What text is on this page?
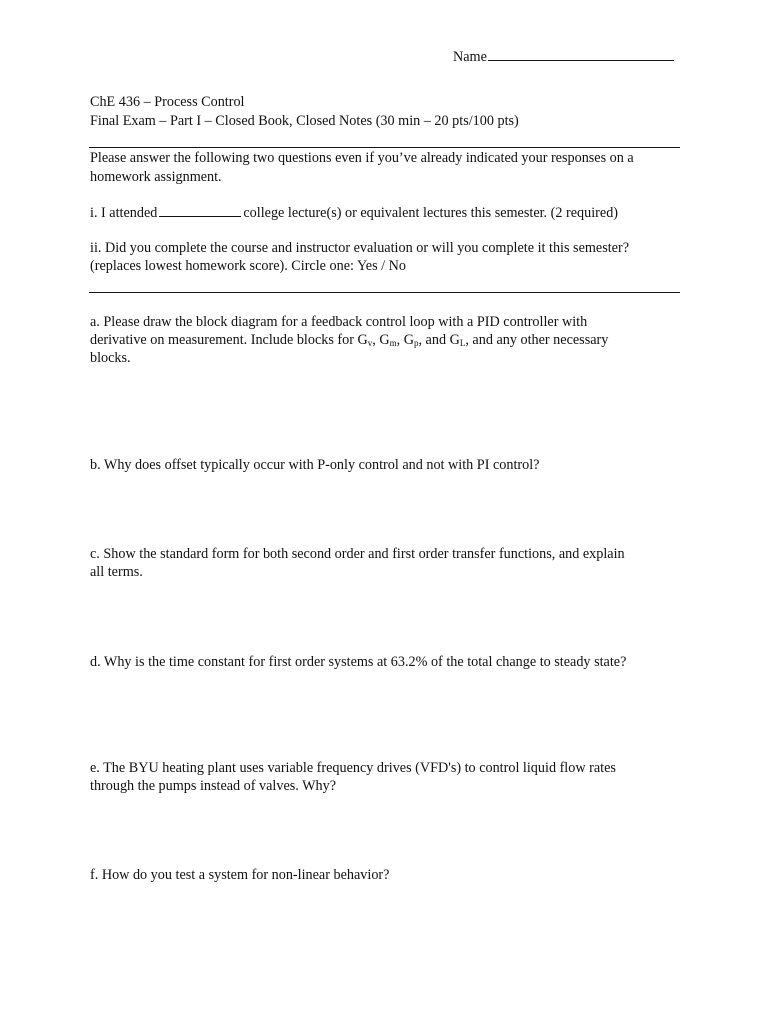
Name
ChE 436 – Process Control
Final Exam – Part I – Closed Book, Closed Notes (30 min – 20 pts/100 pts)
Please answer the following two questions even if you’ve already indicated your responses on a
homework assignment.
i. I attended	college lecture(s) or equivalent lectures this semester. (2 required)
ii. Did you complete the course and instructor evaluation or will you complete it this semester?
(replaces lowest homework score). Circle one: Yes / No
a. Please draw the block diagram for a feedback control loop with a PID controller with
derivative on measurement. Include blocks for $G_v$, $G_m$, $G_p$, and $G_L$, and any other necessary
blocks.
b. Why does offset typically occur with P-only control and not with PI control?
c. Show the standard form for both second order and first order transfer functions, and explain
all terms.
d. Why is the time constant for first order systems at 63.2% of the total change to steady state?
e. The BYU heating plant uses variable frequency drives (VFD's) to control liquid flow rates
through the pumps instead of valves. Why?
f. How do you test a system for non-linear behavior?
